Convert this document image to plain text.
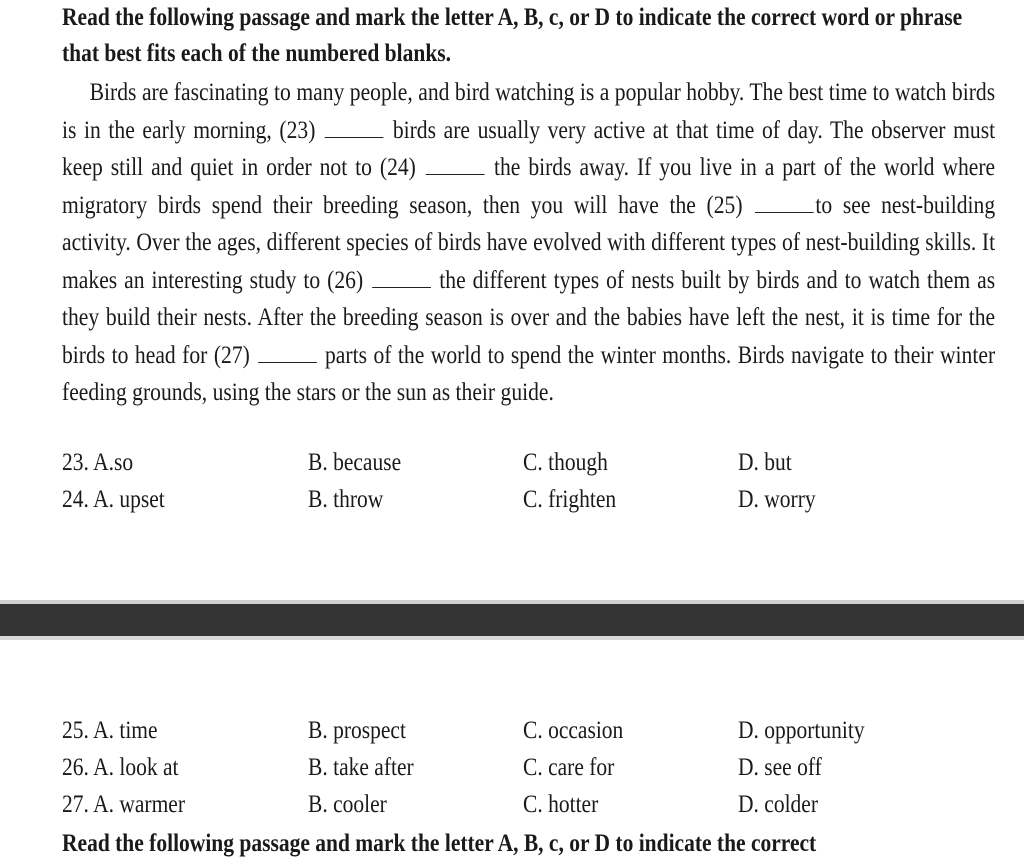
Read the following passage and mark the letter A, B, c, or D to indicate the correct word or phrase that best fits each of the numbered blanks.
Birds are fascinating to many people, and bird watching is a popular hobby. The best time to watch birds is in the early morning, (23)	birds are usually very active at that time of day. The observer must keep still and quiet in order not to (24)	the birds away. If you live in a part of the world where migratory birds spend their breeding season, then you will have the (25)	to see nest-building activity. Over the ages, different species of birds have evolved with different types of nest-building skills. It makes an interesting study to (26)	the different types of nests built by birds and to watch them as they build their nests. After the breeding season is over and the babies have left the nest, it is time for the birds to head for (27)	parts of the world to spend the winter months. Birds navigate to their winter feeding grounds, using the stars or the sun as their guide.
23. A.so	B. because	C. though	D. but
24. A. upset	B. throw	C. frighten	D. worry
25. A. time	B. prospect	C. occasion	D. opportunity
26. A. look at	B. take after	C. care for	D. see off
27. A. warmer	B. cooler	C. hotter	D. colder
Read the following passage and mark the letter A, B, c, or D to indicate the correct
